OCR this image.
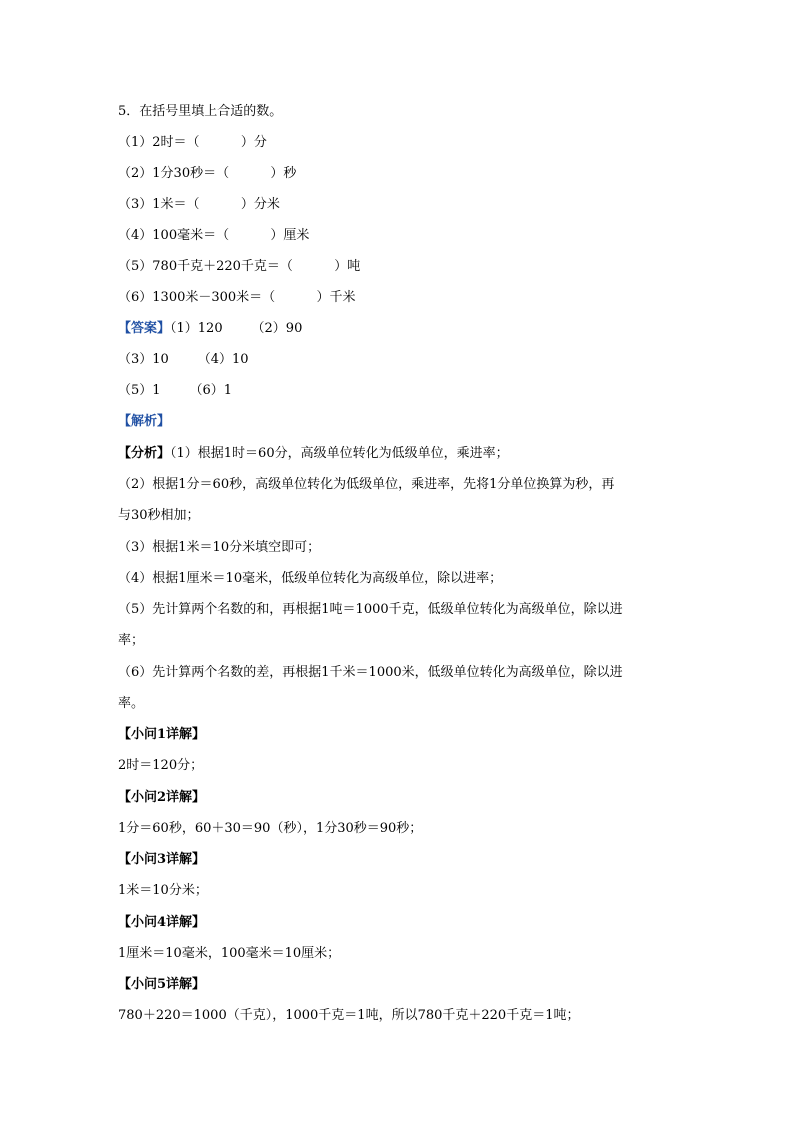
5．在括号里填上合适的数。
（1）2时＝（          ）分
（2）1分30秒＝（          ）秒
（3）1米＝（          ）分米
（4）100毫米＝（          ）厘米
（5）780千克＋220千克＝（          ）吨
（6）1300米－300米＝（          ）千米
【答案】（1）120       （2）90
（3）10       （4）10
（5）1       （6）1
【解析】
【分析】（1）根据1时＝60分，高级单位转化为低级单位，乘进率；
（2）根据1分＝60秒，高级单位转化为低级单位，乘进率，先将1分单位换算为秒，再
与30秒相加；
（3）根据1米＝10分米填空即可；
（4）根据1厘米＝10毫米，低级单位转化为高级单位，除以进率；
（5）先计算两个名数的和，再根据1吨＝1000千克，低级单位转化为高级单位，除以进
率；
（6）先计算两个名数的差，再根据1千米＝1000米，低级单位转化为高级单位，除以进
率。
【小问1详解】
2时＝120分；
【小问2详解】
1分＝60秒，60＋30＝90（秒），1分30秒＝90秒；
【小问3详解】
1米＝10分米；
【小问4详解】
1厘米＝10毫米，100毫米＝10厘米；
【小问5详解】
780＋220＝1000（千克），1000千克＝1吨，所以780千克＋220千克＝1吨；
